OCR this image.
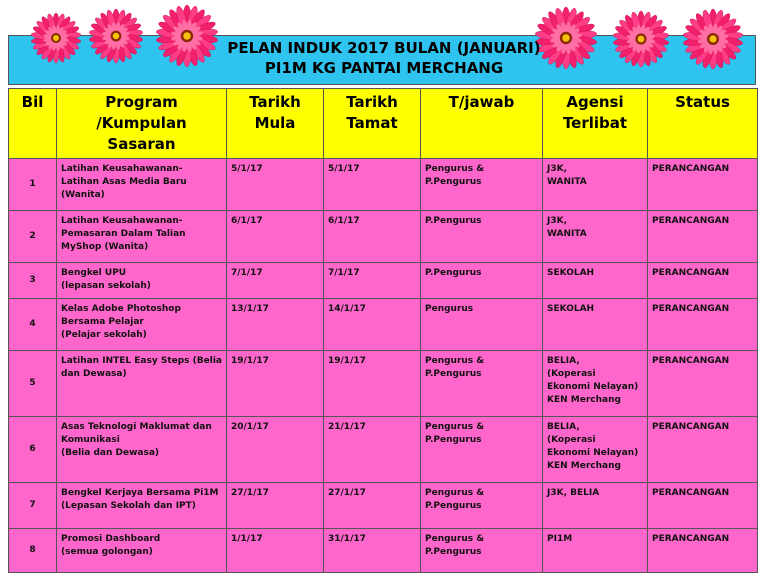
PELAN INDUK 2017 BULAN (JANUARI)
PI1M KG PANTAI MERCHANG
Bil	Program
/Kumpulan
Sasaran	Tarikh
Mula	Tarikh
Tamat	T/jawab	Agensi
Terlibat	Status
1	Latihan Keusahawanan-
Latihan Asas Media Baru
(Wanita)	5/1/17	5/1/17	Pengurus &
P.Pengurus	J3K,
WANITA	PERANCANGAN
2	Latihan Keusahawanan-
Pemasaran Dalam Talian
MyShop (Wanita)	6/1/17	6/1/17	P.Pengurus	J3K,
WANITA	PERANCANGAN
3	Bengkel UPU
(lepasan sekolah)	7/1/17	7/1/17	P.Pengurus	SEKOLAH	PERANCANGAN
4	Kelas Adobe Photoshop
Bersama Pelajar
(Pelajar sekolah)	13/1/17	14/1/17	Pengurus	SEKOLAH	PERANCANGAN
5	Latihan INTEL Easy Steps (Belia
dan Dewasa)	19/1/17	19/1/17	Pengurus &
P.Pengurus	BELIA,
(Koperasi
Ekonomi Nelayan)
KEN Merchang	PERANCANGAN
6	Asas Teknologi Maklumat dan
Komunikasi
(Belia dan Dewasa)	20/1/17	21/1/17	Pengurus &
P.Pengurus	BELIA,
(Koperasi
Ekonomi Nelayan)
KEN Merchang	PERANCANGAN
7	Bengkel Kerjaya Bersama Pi1M
(Lepasan Sekolah dan IPT)	27/1/17	27/1/17	Pengurus &
P.Pengurus	J3K, BELIA	PERANCANGAN
8	Promosi Dashboard
(semua golongan)	1/1/17	31/1/17	Pengurus &
P.Pengurus	PI1M	PERANCANGAN
